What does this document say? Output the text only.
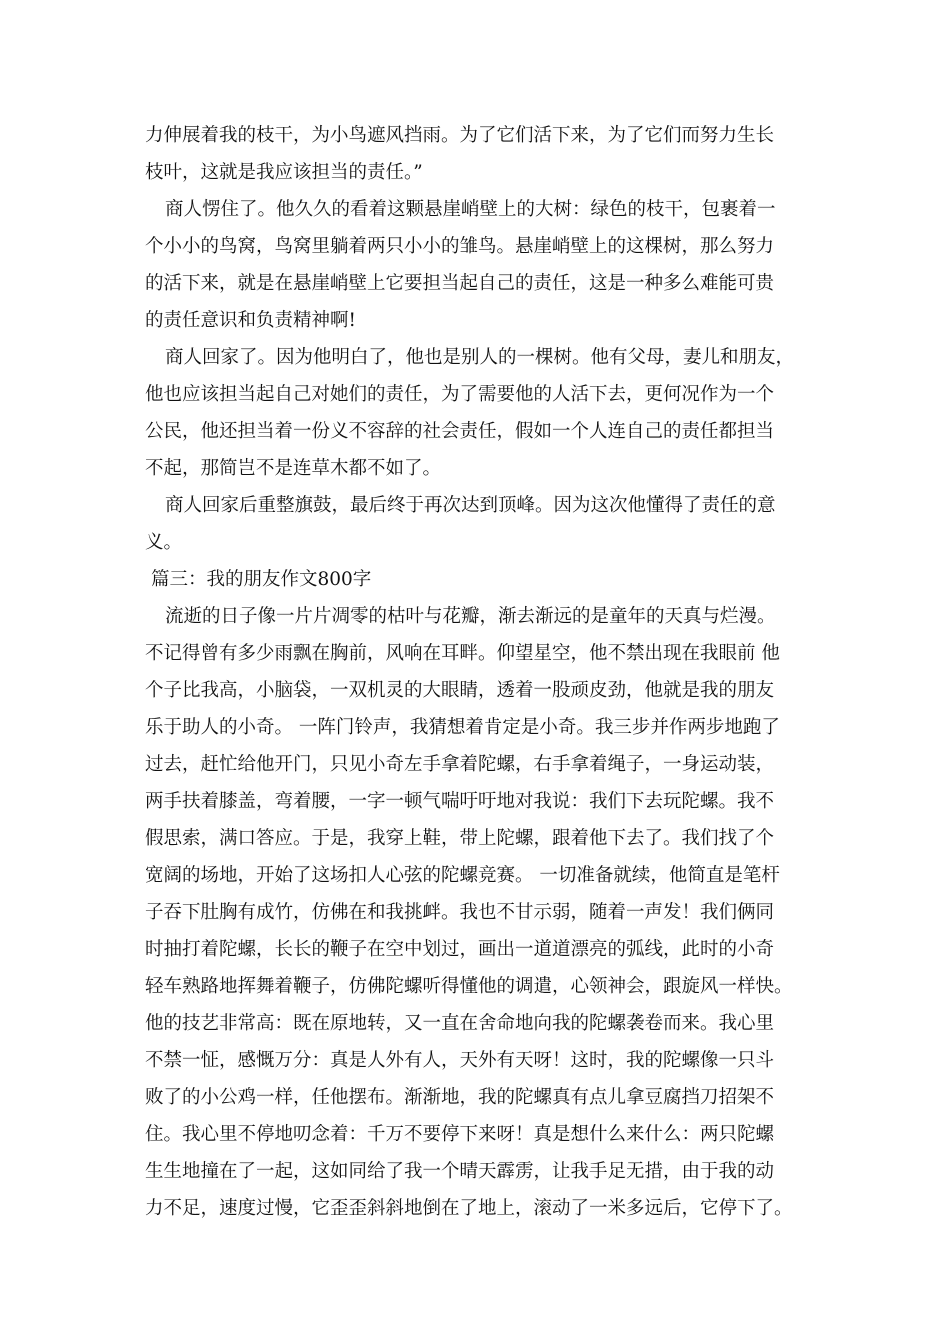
力伸展着我的枝干，为小鸟遮风挡雨。为了它们活下来，为了它们而努力生长
枝叶，这就是我应该担当的责任。”
商人愣住了。他久久的看着这颗悬崖峭壁上的大树：绿色的枝干，包裹着一
个小小的鸟窝，鸟窝里躺着两只小小的雏鸟。悬崖峭壁上的这棵树，那么努力
的活下来，就是在悬崖峭壁上它要担当起自己的责任，这是一种多么难能可贵
的责任意识和负责精神啊!
商人回家了。因为他明白了，他也是别人的一棵树。他有父母，妻儿和朋友，
他也应该担当起自己对她们的责任，为了需要他的人活下去，更何况作为一个
公民，他还担当着一份义不容辞的社会责任，假如一个人连自己的责任都担当
不起，那简岂不是连草木都不如了。
商人回家后重整旗鼓，最后终于再次达到顶峰。因为这次他懂得了责任的意
义。
篇三：我的朋友作文800字
流逝的日子像一片片凋零的枯叶与花瓣，渐去渐远的是童年的天真与烂漫。
不记得曾有多少雨飘在胸前，风响在耳畔。仰望星空，他不禁出现在我眼前 他
个子比我高，小脑袋，一双机灵的大眼睛，透着一股顽皮劲，他就是我的朋友
乐于助人的小奇。 一阵门铃声，我猜想着肯定是小奇。我三步并作两步地跑了
过去，赶忙给他开门，只见小奇左手拿着陀螺，右手拿着绳子，一身运动装，
两手扶着膝盖，弯着腰，一字一顿气喘吁吁地对我说：我们下去玩陀螺。我不
假思索，满口答应。于是，我穿上鞋，带上陀螺，跟着他下去了。我们找了个
宽阔的场地，开始了这场扣人心弦的陀螺竞赛。 一切准备就续，他简直是笔杆
子吞下肚胸有成竹，仿佛在和我挑衅。我也不甘示弱，随着一声发！我们俩同
时抽打着陀螺，长长的鞭子在空中划过，画出一道道漂亮的弧线，此时的小奇
轻车熟路地挥舞着鞭子，仿佛陀螺听得懂他的调遣，心领神会，跟旋风一样快。
他的技艺非常高：既在原地转，又一直在舍命地向我的陀螺袭卷而来。我心里
不禁一怔，感慨万分：真是人外有人，天外有天呀！这时，我的陀螺像一只斗
败了的小公鸡一样，任他摆布。渐渐地，我的陀螺真有点儿拿豆腐挡刀招架不
住。我心里不停地叨念着：千万不要停下来呀！真是想什么来什么：两只陀螺
生生地撞在了一起，这如同给了我一个晴天霹雳，让我手足无措，由于我的动
力不足，速度过慢，它歪歪斜斜地倒在了地上，滚动了一米多远后，它停下了。
